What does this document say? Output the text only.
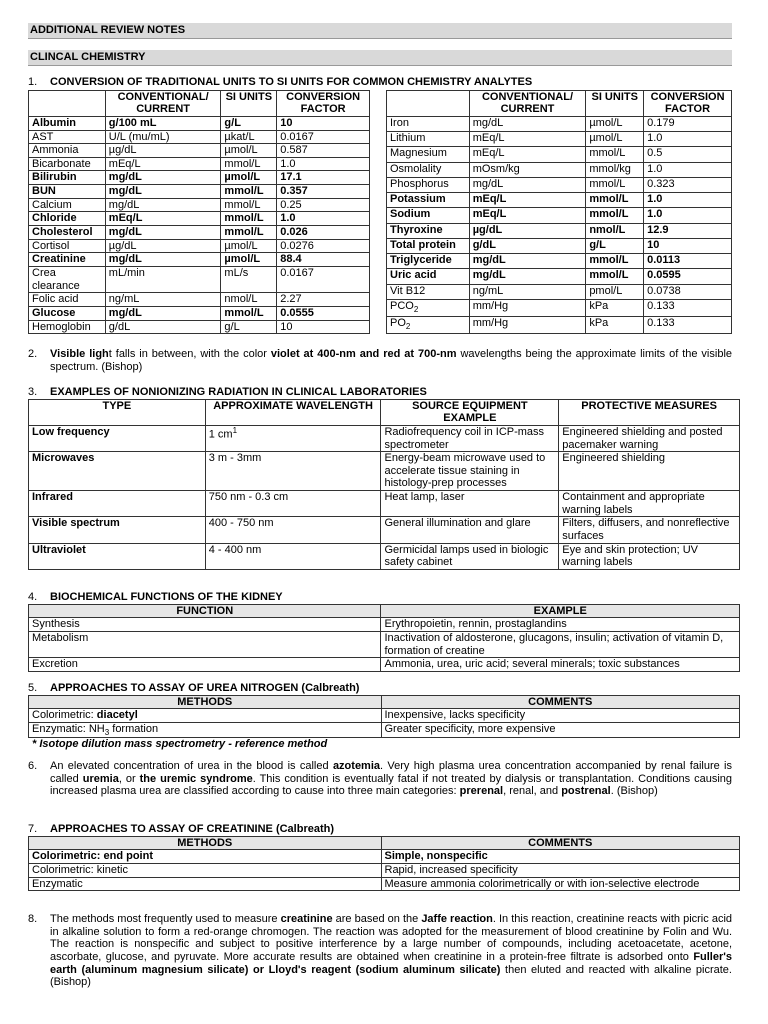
ADDITIONAL REVIEW NOTES
CLINCAL CHEMISTRY
1. CONVERSION OF TRADITIONAL UNITS TO SI UNITS FOR COMMON CHEMISTRY ANALYTES
	CONVENTIONAL/ CURRENT	SI UNITS	CONVERSION FACTOR
Albumin	g/100 mL	g/L	10
AST	U/L (mu/mL)	µkat/L	0.0167
Ammonia	µg/dL	µmol/L	0.587
Bicarbonate	mEq/L	mmol/L	1.0
Bilirubin	mg/dL	µmol/L	17.1
BUN	mg/dL	mmol/L	0.357
Calcium	mg/dL	mmol/L	0.25
Chloride	mEq/L	mmol/L	1.0
Cholesterol	mg/dL	mmol/L	0.026
Cortisol	µg/dL	µmol/L	0.0276
Creatinine	mg/dL	µmol/L	88.4
Crea clearance	mL/min	mL/s	0.0167
Folic acid	ng/mL	nmol/L	2.27
Glucose	mg/dL	mmol/L	0.0555
Hemoglobin	g/dL	g/L	10
	CONVENTIONAL/ CURRENT	SI UNITS	CONVERSION FACTOR
Iron	mg/dL	µmol/L	0.179
Lithium	mEq/L	µmol/L	1.0
Magnesium	mEq/L	mmol/L	0.5
Osmolality	mOsm/kg	mmol/kg	1.0
Phosphorus	mg/dL	mmol/L	0.323
Potassium	mEq/L	mmol/L	1.0
Sodium	mEq/L	mmol/L	1.0
Thyroxine	µg/dL	nmol/L	12.9
Total protein	g/dL	g/L	10
Triglyceride	mg/dL	mmol/L	0.0113
Uric acid	mg/dL	mmol/L	0.0595
Vit B12	ng/mL	pmol/L	0.0738
$PCO_2$	mm/Hg	kPa	0.133
$PO_2$	mm/Hg	kPa	0.133
2.	Visible light falls in between, with the color violet at 400-nm and red at 700-nm wavelengths being the approximate limits of the visible spectrum. (Bishop)
3. EXAMPLES OF NONIONIZING RADIATION IN CLINICAL LABORATORIES
TYPE	APPROXIMATE WAVELENGTH	SOURCE EQUIPMENT EXAMPLE	PROTECTIVE MEASURES
Low frequency	1 $cm^1$	Radiofrequency coil in ICP-mass spectrometer	Engineered shielding and posted pacemaker warning
Microwaves	3 m - 3mm	Energy-beam microwave used to accelerate tissue staining in histology-prep processes	Engineered shielding
Infrared	750 nm - 0.3 cm	Heat lamp, laser	Containment and appropriate warning labels
Visible spectrum	400 - 750 nm	General illumination and glare	Filters, diffusers, and nonreflective surfaces
Ultraviolet	4 - 400 nm	Germicidal lamps used in biologic safety cabinet	Eye and skin protection; UV warning labels
4. BIOCHEMICAL FUNCTIONS OF THE KIDNEY
FUNCTION	EXAMPLE
Synthesis	Erythropoietin, rennin, prostaglandins
Metabolism	Inactivation of aldosterone, glucagons, insulin; activation of vitamin D, formation of creatine
Excretion	Ammonia, urea, uric acid; several minerals; toxic substances
5. APPROACHES TO ASSAY OF UREA NITROGEN (Calbreath)
METHODS	COMMENTS
Colorimetric: diacetyl	Inexpensive, lacks specificity
Enzymatic: $NH_3$ formation	Greater specificity, more expensive
* Isotope dilution mass spectrometry - reference method
6.	An elevated concentration of urea in the blood is called azotemia. Very high plasma urea concentration accompanied by renal failure is called uremia, or the uremic syndrome. This condition is eventually fatal if not treated by dialysis or transplantation. Conditions causing increased plasma urea are classified according to cause into three main categories: prerenal, renal, and postrenal. (Bishop)
7. APPROACHES TO ASSAY OF CREATININE (Calbreath)
METHODS	COMMENTS
Colorimetric: end point	Simple, nonspecific
Colorimetric: kinetic	Rapid, increased specificity
Enzymatic	Measure ammonia colorimetrically or with ion-selective electrode
8.	The methods most frequently used to measure creatinine are based on the Jaffe reaction. In this reaction, creatinine reacts with picric acid in alkaline solution to form a red-orange chromogen. The reaction was adopted for the measurement of blood creatinine by Folin and Wu. The reaction is nonspecific and subject to positive interference by a large number of compounds, including acetoacetate, acetone, ascorbate, glucose, and pyruvate. More accurate results are obtained when creatinine in a protein-free filtrate is adsorbed onto Fuller's earth (aluminum magnesium silicate) or Lloyd's reagent (sodium aluminum silicate) then eluted and reacted with alkaline picrate.(Bishop)
